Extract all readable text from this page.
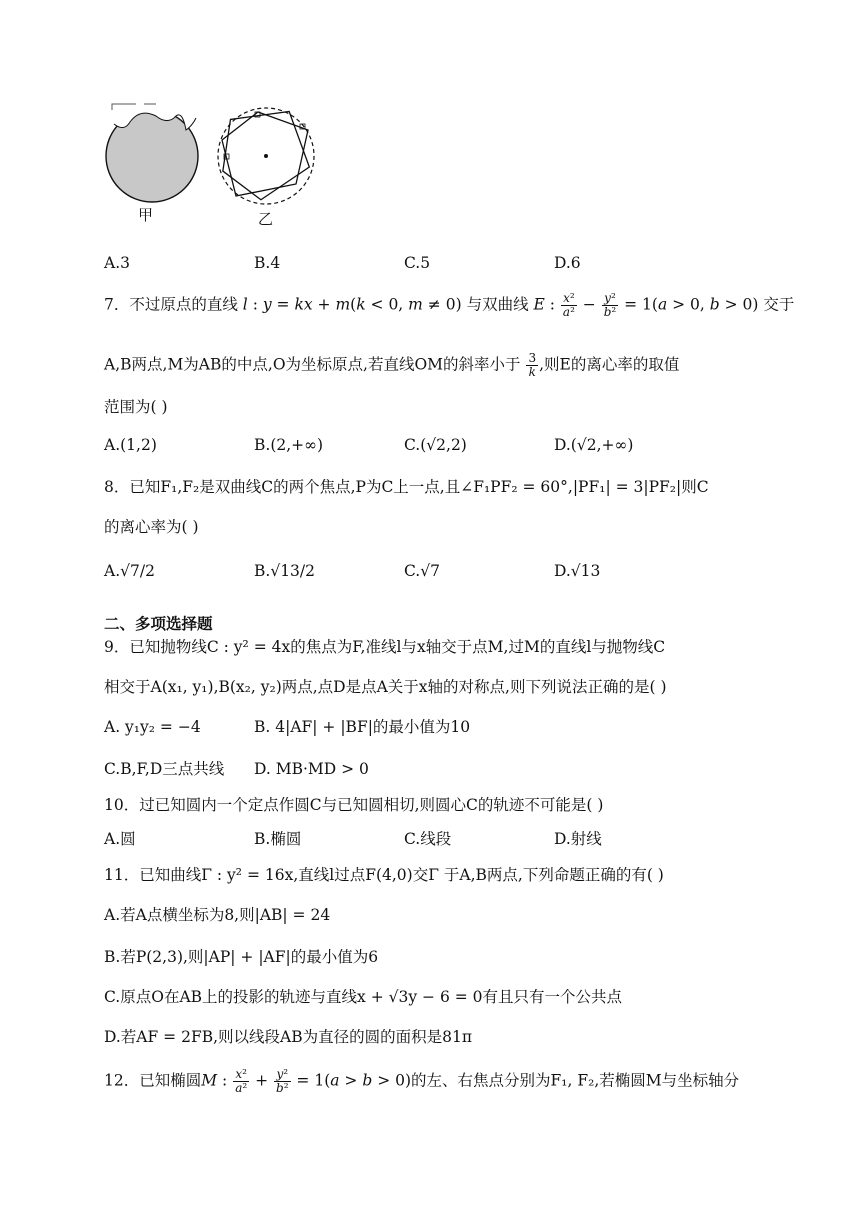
甲	乙
A.3	B.4	C.5	D.6
7．不过原点的直线 l : y = kx + m(k < 0, m ≠ 0) 与双曲线 E : $\frac{\text{x²}}{\text{a²}} - \frac{\text{y²}}{\text{b²}} = 1(a > 0$, b > 0) 交于
A,B两点,M为AB的中点,O为坐标原点,若直线OM的斜率小于 $\frac{3}{k}$ ,则E的离心率的取值
范围为( )
A.(1,2)	B.(2,+∞)	C.(√2,2)	D.(√2,+∞)
8．已知F₁,F₂是双曲线C的两个焦点,P为C上一点,且∠F₁PF₂ = 60°,|PF₁| = 3|PF₂|则C
的离心率为( )
A.√7/2	B.√13/2	C.√7	D.√13
二、多项选择题
9．已知抛物线C : y² = 4x的焦点为F,准线l与x轴交于点M,过M的直线l与抛物线C
相交于A(x₁, y₁),B(x₂, y₂)两点,点D是点A关于x轴的对称点,则下列说法正确的是( )
A. y₁y₂ = −4	B. 4|AF| + |BF|的最小值为10
C.B,F,D三点共线 D. MB·MD > 0
10．过已知圆内一个定点作圆C与已知圆相切,则圆心C的轨迹不可能是( )
A.圆	B.椭圆	C.线段	D.射线
11．已知曲线Γ : y² = 16x,直线l过点F(4,0)交Γ 于A,B两点,下列命题正确的有( )
A.若A点横坐标为8,则|AB| = 24
B.若P(2,3),则|AP| + |AF|的最小值为6
C.原点O在AB上的投影的轨迹与直线x + √3y − 6 = 0有且只有一个公共点
D.若AF = 2FB,则以线段AB为直径的圆的面积是81π
12．已知椭圆M : $\frac{\text{x²}}{\text{a²}} + \frac{\text{y²}}{\text{b²}} = 1(a > b > 0)$的左、右焦点分别为F₁, F₂,若椭圆M与坐标轴分
